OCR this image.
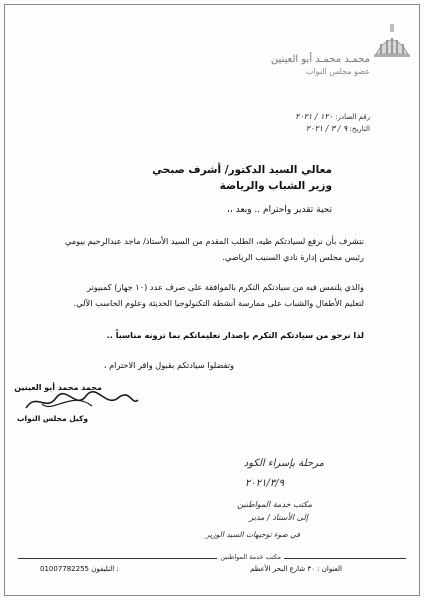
محمـد محمـد أبو العينين
عضو مجلس النواب
رقم الصادر: ١٢٠ / ٢٠٢١
التاريخ: ٩ / ٣ / ٢٠٢١
معالي السيد الدكتور/ أشرف صبحي
وزير الشباب والرياضة
تحية تقدير واحترام .. وبعد ،،
نتشرف بأن نرفع لسيادتكم طيه، الطلب المقدم من السيد الأستاذ/ ماجد عبدالرحيم بيومي
رئيس مجلس إدارة نادي السنيب الرياضي.
والذي يلتمس فيه من سيادتكم التكرم بالموافقة على صرف عدد (١٠ جهاز) كمبيوتر
لتعليم الأطفال والشباب على ممارسة أنشطة التكنولوجيا الحديثة وعلوم الحاسب الآلي.
لذا نرجو من سيادتكم التكرم بإصدار تعليماتكم بما ترونه مناسباً ..
وتفضلوا سيادتكم بقبول وافر الاحترام ،
محمد محمد أبو العينين
وكيل مجلس النواب
مرحلة بإسراء الكود
٢٠٢١/٣/٩
مكتب خدمة المواطنين
إلى الأستاذ / مدير
في ضوء توجيهات السيد الوزير
مكتب خدمة المواطنين
العنوان : ٣٠ شارع البحر الأعظم
01007782255 التليفون :
